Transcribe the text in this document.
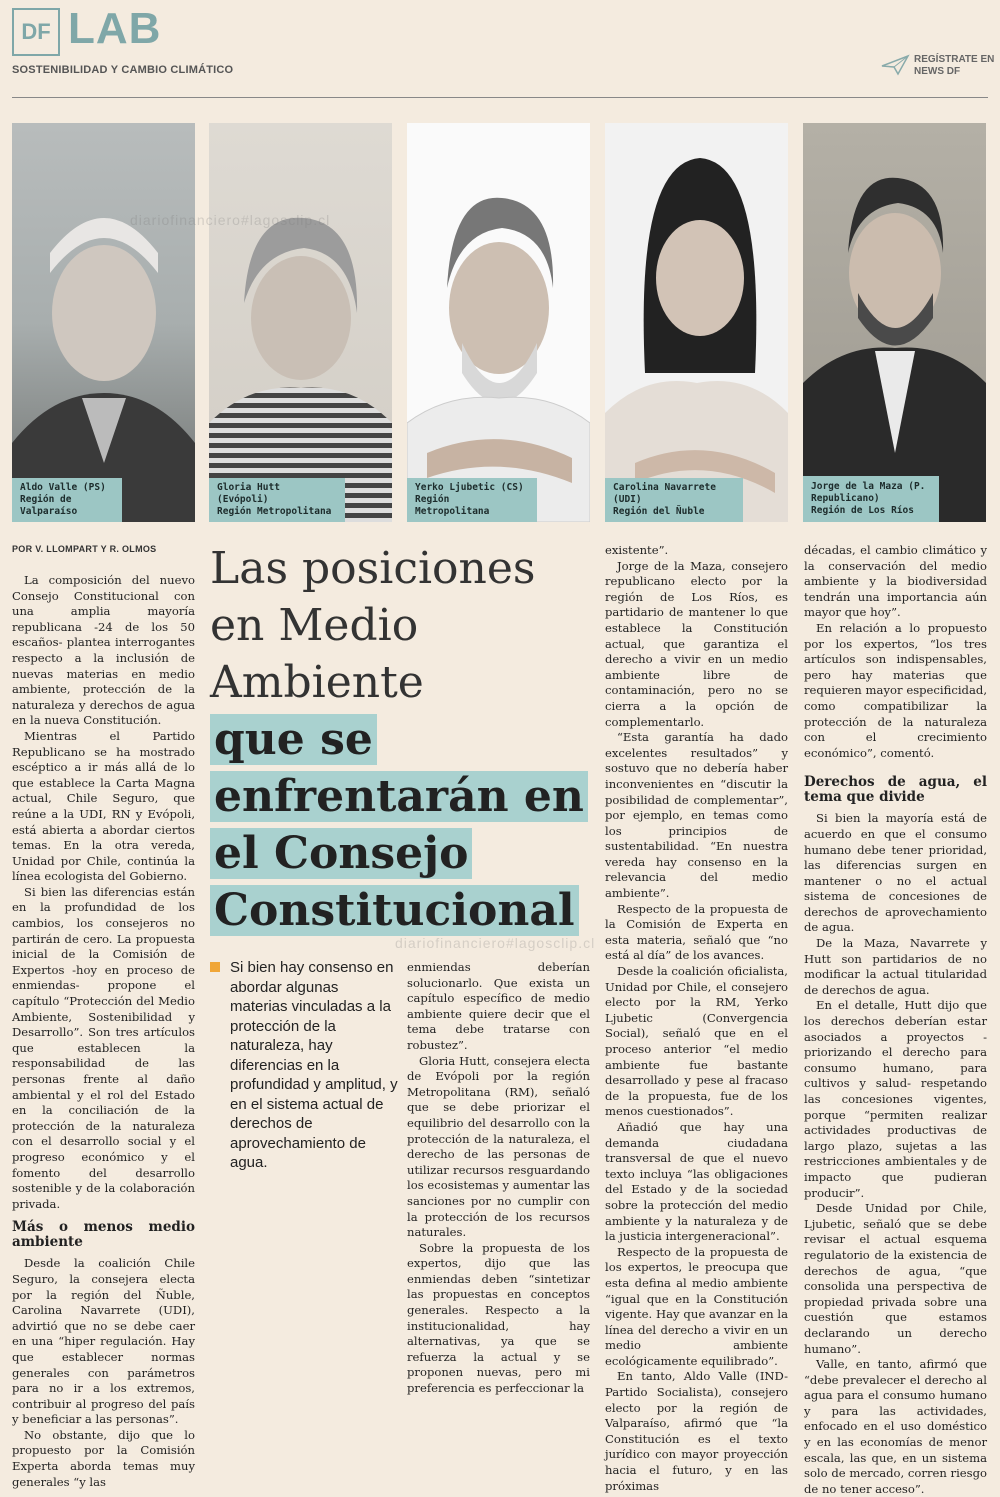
DF LAB
SOSTENIBILIDAD Y CAMBIO CLIMÁTICO
REGÍSTRATE EN
NEWS DF
Aldo Valle (PS)
Región de Valparaíso
Gloria Hutt (Evópoli)
Región Metropolitana
Yerko Ljubetic (CS)
Región Metropolitana
Carolina Navarrete (UDI)
Región del Ñuble
Jorge de la Maza (P. Republicano)
Región de Los Ríos
diariofinanciero#lagosclip.cl
POR V. LLOMPART Y R. OLMOS Las posiciones en Medio Ambiente
que se enfrentarán en el Consejo Constitucional

La composición del nuevo Consejo Constitucional con una amplia mayoría republicana -24 de los 50 escaños- plantea interrogantes respecto a la inclusión de nuevas materias en medio ambiente, protección de la naturaleza y derechos de agua en la nueva Constitución.

Mientras el Partido Republicano se ha mostrado escéptico a ir más allá de lo que establece la Carta Magna actual, Chile Seguro, que reúne a la UDI, RN y Evópoli, está abierta a abordar ciertos temas. En la otra vereda, Unidad por Chile, continúa la línea ecologista del Gobierno.

Si bien las diferencias están en la profundidad de los cambios, los consejeros no partirán de cero. La propuesta inicial de la Comisión de Expertos -hoy en proceso de enmiendas- propone el capítulo “Protección del Medio Ambiente, Sostenibilidad y Desarrollo”. Son tres artículos que establecen la responsabilidad de las personas frente al daño ambiental y el rol del Estado en la conciliación de la protección de la naturaleza con el desarrollo social y el progreso económico y el fomento del desarrollo sostenible y de la colaboración privada.

Más o menos medio ambiente

Desde la coalición Chile Seguro, la consejera electa por la región del Ñuble, Carolina Navarrete (UDI), advirtió que no se debe caer en una “hiper regulación. Hay que establecer normas generales con parámetros para no ir a los extremos, contribuir al progreso del país y beneficiar a las personas”.

No obstante, dijo que lo propuesto por la Comisión Experta aborda temas muy generales “y las

Si bien hay consenso en abordar algunas materias vinculadas a la protección de la naturaleza, hay diferencias en la profundidad y amplitud, y en el sistema actual de derechos de aprovechamiento de agua.

enmiendas deberían solucionarlo. Que exista un capítulo específico de medio ambiente quiere decir que el tema debe tratarse con robustez”.

Gloria Hutt, consejera electa de Evópoli por la región Metropolitana (RM), señaló que se debe priorizar el equilibrio del desarrollo con la protección de la naturaleza, el derecho de las personas de utilizar recursos resguardando los ecosistemas y aumentar las sanciones por no cumplir con la protección de los recursos naturales.

Sobre la propuesta de los expertos, dijo que las enmiendas deben “sintetizar las propuestas en conceptos generales. Respecto a la institucionalidad, hay alternativas, ya que se refuerza la actual y se proponen nuevas, pero mi preferencia es perfeccionar la

diariofinanciero#lagosclip.cl

existente”.

Jorge de la Maza, consejero republicano electo por la región de Los Ríos, es partidario de mantener lo que establece la Constitución actual, que garantiza el derecho a vivir en un medio ambiente libre de contaminación, pero no se cierra a la opción de complementarlo.

“Esta garantía ha dado excelentes resultados” y sostuvo que no debería haber inconvenientes en “discutir la posibilidad de complementar”, por ejemplo, en temas como los principios de sustentabilidad. “En nuestra vereda hay consenso en la relevancia del medio ambiente”.

Respecto de la propuesta de la Comisión de Experta en esta materia, señaló que “no está al día” de los avances.

Desde la coalición oficialista, Unidad por Chile, el consejero electo por la RM, Yerko Ljubetic (Convergencia Social), señaló que en el proceso anterior “el medio ambiente fue bastante desarrollado y pese al fracaso de la propuesta, fue de los menos cuestionados”.

Añadió que hay una demanda ciudadana transversal de que el nuevo texto incluya “las obligaciones del Estado y de la sociedad sobre la protección del medio ambiente y la naturaleza y de la justicia intergeneracional”.

Respecto de la propuesta de los expertos, le preocupa que esta defina al medio ambiente “igual que en la Constitución vigente. Hay que avanzar en la línea del derecho a vivir en un medio ambiente ecológicamente equilibrado”.

En tanto, Aldo Valle (IND-Partido Socialista), consejero electo por la región de Valparaíso, afirmó que “la Constitución es el texto jurídico con mayor proyección hacia el futuro, y en las próximas

décadas, el cambio climático y la conservación del medio ambiente y la biodiversidad tendrán una importancia aún mayor que hoy”.

En relación a lo propuesto por los expertos, “los tres artículos son indispensables, pero hay materias que requieren mayor especificidad, como compatibilizar la protección de la naturaleza con el crecimiento económico”, comentó.

Derechos de agua, el tema que divide

Si bien la mayoría está de acuerdo en que el consumo humano debe tener prioridad, las diferencias surgen en mantener o no el actual sistema de concesiones de derechos de aprovechamiento de agua.

De la Maza, Navarrete y Hutt son partidarios de no modificar la actual titularidad de derechos de agua.

En el detalle, Hutt dijo que los derechos deberían estar asociados a proyectos -priorizando el derecho para consumo humano, para cultivos y salud- respetando las concesiones vigentes, porque “permiten realizar actividades productivas de largo plazo, sujetas a las restricciones ambientales y de impacto que pudieran producir”.

Desde Unidad por Chile, Ljubetic, señaló que se debe revisar el actual esquema regulatorio de la existencia de derechos de agua, “que consolida una perspectiva de propiedad privada sobre una cuestión que estamos declarando un derecho humano”.

Valle, en tanto, afirmó que “debe prevalecer el derecho al agua para el consumo humano y para las actividades, enfocado en el uso doméstico y en las economías de menor escala, las que, en un sistema solo de mercado, corren riesgo de no tener acceso”.
